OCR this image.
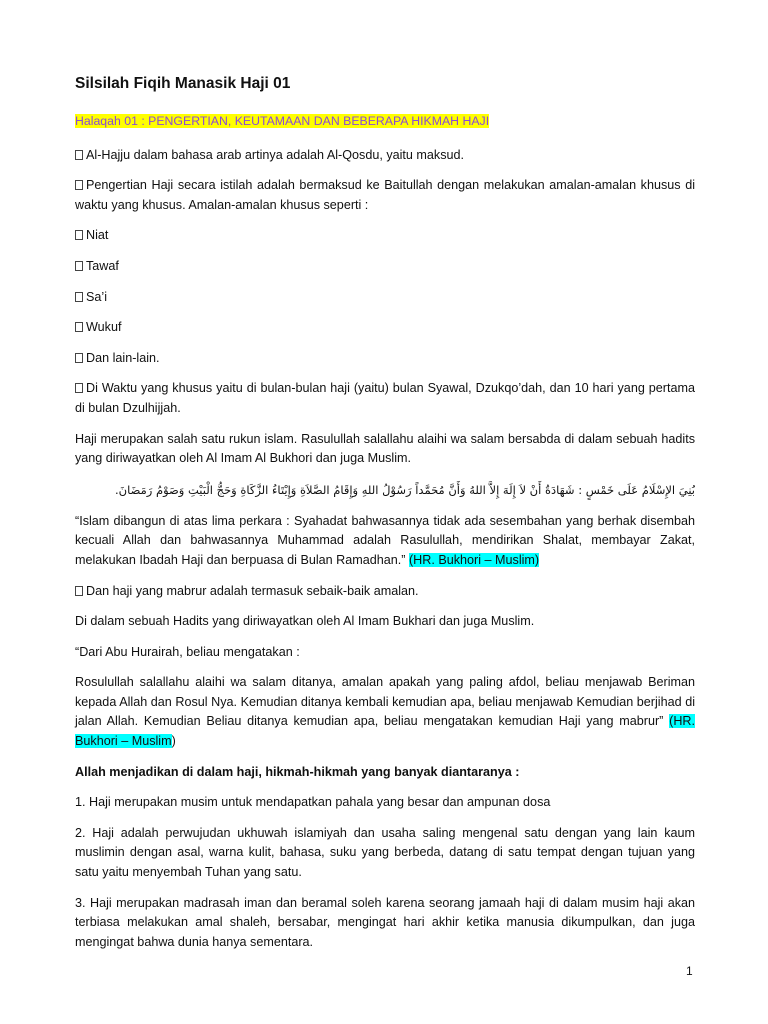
Silsilah Fiqih Manasik Haji 01
Halaqah 01 : PENGERTIAN, KEUTAMAAN DAN BEBERAPA HIKMAH HAJI

Al-Hajju dalam bahasa arab artinya adalah Al-Qosdu, yaitu maksud.

Pengertian Haji secara istilah adalah bermaksud ke Baitullah dengan melakukan amalan-amalan khusus di waktu yang khusus. Amalan-amalan khusus seperti :

Niat

Tawaf

Sa’i

Wukuf

Dan lain-lain.

Di Waktu yang khusus yaitu di bulan-bulan haji (yaitu) bulan Syawal, Dzukqo’dah, dan 10 hari yang pertama di bulan Dzulhijjah.

Haji merupakan salah satu rukun islam. Rasulullah salallahu alaihi wa salam bersabda di dalam sebuah hadits yang diriwayatkan oleh Al Imam Al Bukhori dan juga Muslim.

بُنِيَ الإِسْلَامُ عَلَى خَمْسٍ : شَهَادَةُ أَنْ لاَ إِلَهَ إِلاَّ اللهُ وَأَنَّ مُحَمَّداً رَسُوْلُ اللهِ وَإِقَامُ الصَّلاَةِ وَإِيْتَاءُ الزَّكَاةِ وَحَجُّ الْبَيْتِ وَصَوْمُ رَمَضَانَ.

“Islam dibangun di atas lima perkara : Syahadat bahwasannya tidak ada sesembahan yang berhak disembah kecuali Allah dan bahwasannya Muhammad adalah Rasulullah, mendirikan Shalat, membayar Zakat, melakukan Ibadah Haji dan berpuasa di Bulan Ramadhan.” (HR. Bukhori – Muslim)

Dan haji yang mabrur adalah termasuk sebaik-baik amalan.

Di dalam sebuah Hadits yang diriwayatkan oleh Al Imam Bukhari dan juga Muslim.

“Dari Abu Hurairah, beliau mengatakan :

Rosulullah salallahu alaihi wa salam ditanya, amalan apakah yang paling afdol, beliau menjawab Beriman kepada Allah dan Rosul Nya. Kemudian ditanya kembali kemudian apa, beliau menjawab Kemudian berjihad di jalan Allah. Kemudian Beliau ditanya kemudian apa, beliau mengatakan kemudian Haji yang mabrur” (HR. Bukhori – Muslim)

Allah menjadikan di dalam haji, hikmah-hikmah yang banyak diantaranya :

1. Haji merupakan musim untuk mendapatkan pahala yang besar dan ampunan dosa

2. Haji adalah perwujudan ukhuwah islamiyah dan usaha saling mengenal satu dengan yang lain kaum muslimin dengan asal, warna kulit, bahasa, suku yang berbeda, datang di satu tempat dengan tujuan yang satu yaitu menyembah Tuhan yang satu.

3. Haji merupakan madrasah iman dan beramal soleh karena seorang jamaah haji di dalam musim haji akan terbiasa melakukan amal shaleh, bersabar, mengingat hari akhir ketika manusia dikumpulkan, dan juga mengingat bahwa dunia hanya sementara.

1
